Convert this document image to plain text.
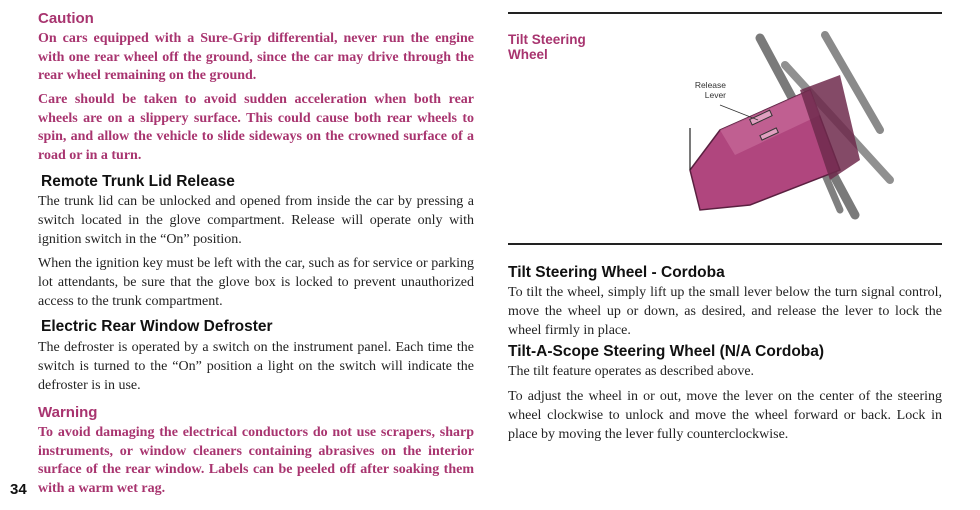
Caution

On cars equipped with a Sure-Grip differential, never run the engine with one rear wheel off the ground, since the car may drive through the rear wheel remaining on the ground.

Care should be taken to avoid sudden acceleration when both rear wheels are on a slippery surface. This could cause both rear wheels to spin, and allow the vehicle to slide sideways on the crowned surface of a road or in a turn.

Remote Trunk Lid Release

The trunk lid can be unlocked and opened from inside the car by pressing a switch located in the glove compartment. Release will operate only with ignition switch in the “On” position.

When the ignition key must be left with the car, such as for service or parking lot attendants, be sure that the glove box is locked to prevent unauthorized access to the trunk compartment.

Electric Rear Window Defroster

The defroster is operated by a switch on the instrument panel. Each time the switch is turned to the “On” position a light on the switch will indicate the defroster is in use.

Warning

To avoid damaging the electrical conductors do not use scrapers, sharp instruments, or window cleaners containing abrasives on the interior surface of the rear window. Labels can be peeled off after soaking them with a warm wet rag.

34
Tilt Steering
Wheel
Release
Lever
Tilt Steering Wheel - Cordoba

To tilt the wheel, simply lift up the small lever below the turn signal control, move the wheel up or down, as desired, and release the lever to lock the wheel firmly in place.

Tilt-A-Scope Steering Wheel (N/A Cordoba)

The tilt feature operates as described above.

To adjust the wheel in or out, move the lever on the center of the steering wheel clockwise to unlock and move the wheel forward or back. Lock in place by moving the lever fully counterclockwise.
